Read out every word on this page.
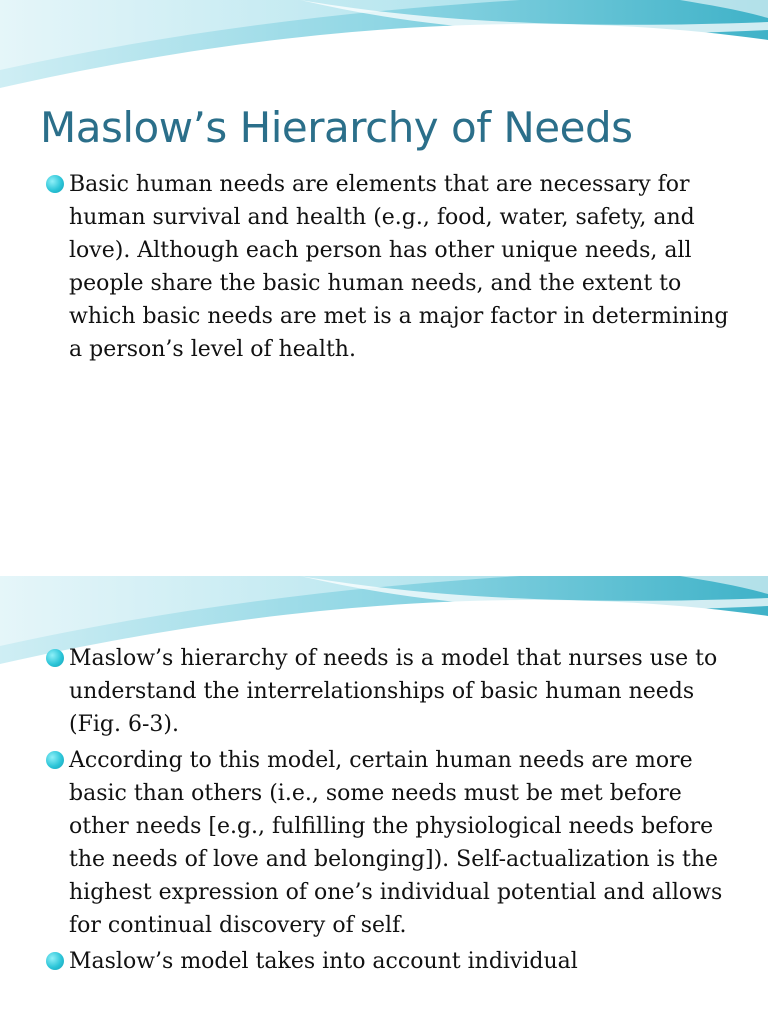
Maslow’s Hierarchy of Needs
Basic human needs are elements that are necessary for human survival and health (e.g., food, water, safety, and love). Although each person has other unique needs, all people share the basic human needs, and the extent to which basic needs are met is a major factor in determining a person’s level of health.
Maslow’s hierarchy of needs is a model that nurses use to understand the interrelationships of basic human needs (Fig. 6-3).
According to this model, certain human needs are more basic than others (i.e., some needs must be met before other needs [e.g., fulfilling the physiological needs before the needs of love and belonging]). Self-actualization is the highest expression of one’s individual potential and allows for continual discovery of self.
Maslow’s model takes into account individual
